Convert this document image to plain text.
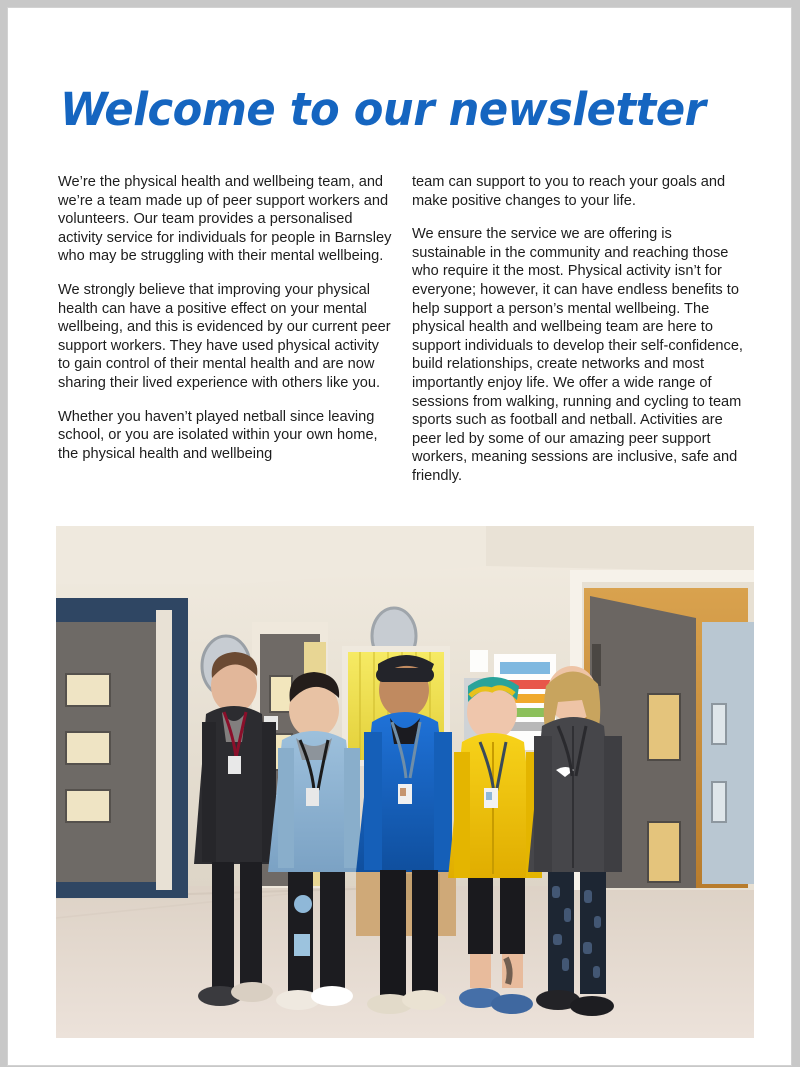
Welcome to our newsletter

We’re the physical health and wellbeing team, and we’re a team made up of peer support workers and volunteers. Our team provides a personalised activity service for individuals for people in Barnsley who may be struggling with their mental wellbeing.

We strongly believe that improving your physical health can have a positive effect on your mental wellbeing, and this is evidenced by our current peer support workers. They have used physical activity to gain control of their mental health and are now sharing their lived experience with others like you.

Whether you haven’t played netball since leaving school, or you are isolated within your own home, the physical health and wellbeing

team can support to you to reach your goals and make positive changes to your life.

We ensure the service we are offering is sustainable in the community and reaching those who require it the most. Physical activity isn’t for everyone; however, it can have endless benefits to help support a person’s mental wellbeing. The physical health and wellbeing team are here to support individuals to develop their self-confidence, build relationships, create networks and most importantly enjoy life. We offer a wide range of sessions from walking, running and cycling to team sports such as football and netball. Activities are peer led by some of our amazing peer support workers, meaning sessions are inclusive, safe and friendly.
